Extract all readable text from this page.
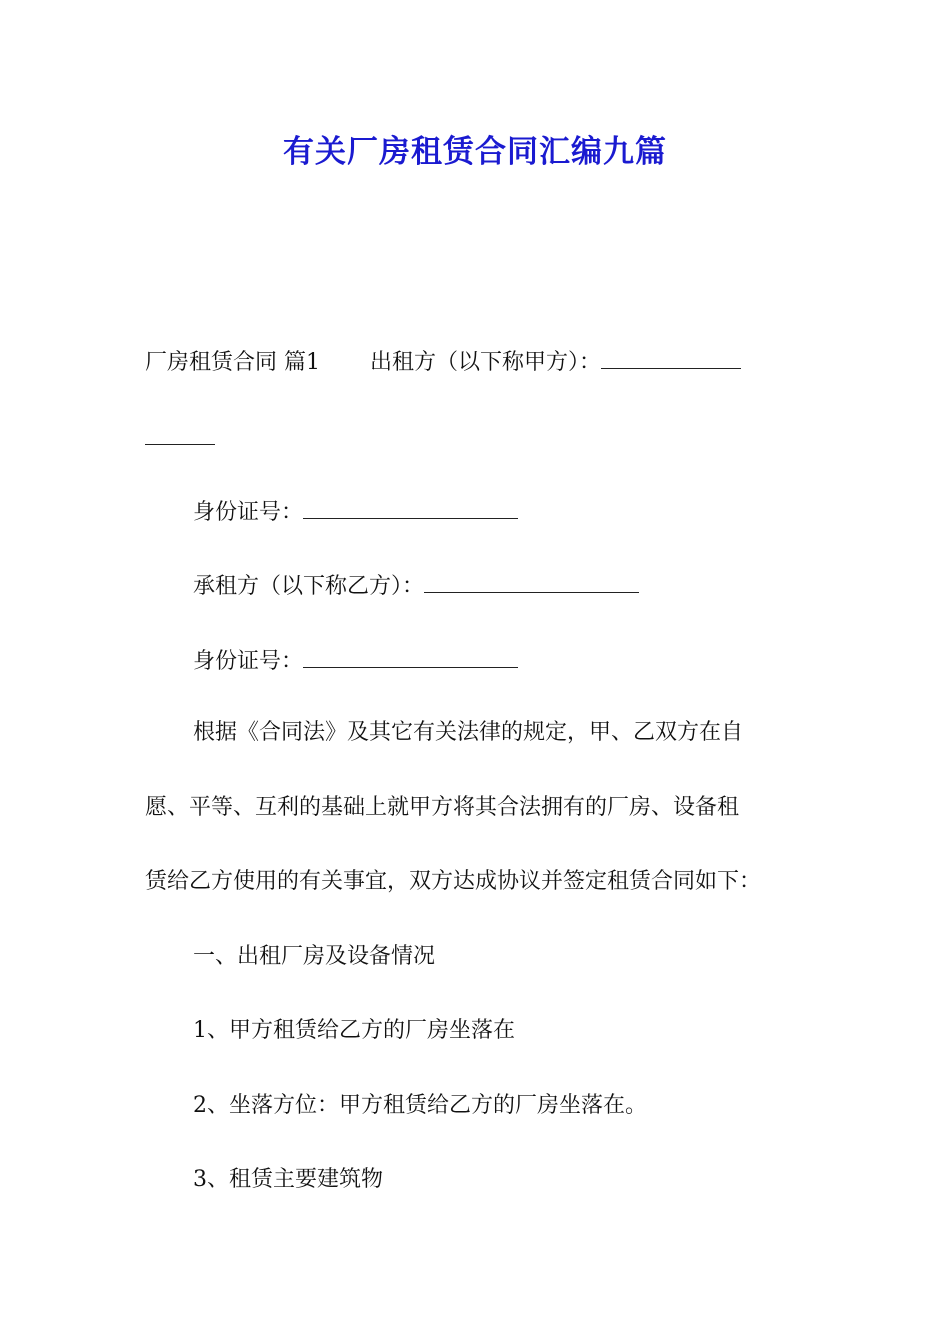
有关厂房租赁合同汇编九篇
厂房租赁合同 篇1 出租方（以下称甲方）：
身份证号：
承租方（以下称乙方）：
身份证号：
根据《合同法》及其它有关法律的规定，甲、乙双方在自
愿、平等、互利的基础上就甲方将其合法拥有的厂房、设备租
赁给乙方使用的有关事宜，双方达成协议并签定租赁合同如下：
一、出租厂房及设备情况
1、甲方租赁给乙方的厂房坐落在
2、坐落方位：甲方租赁给乙方的厂房坐落在。
3、租赁主要建筑物
